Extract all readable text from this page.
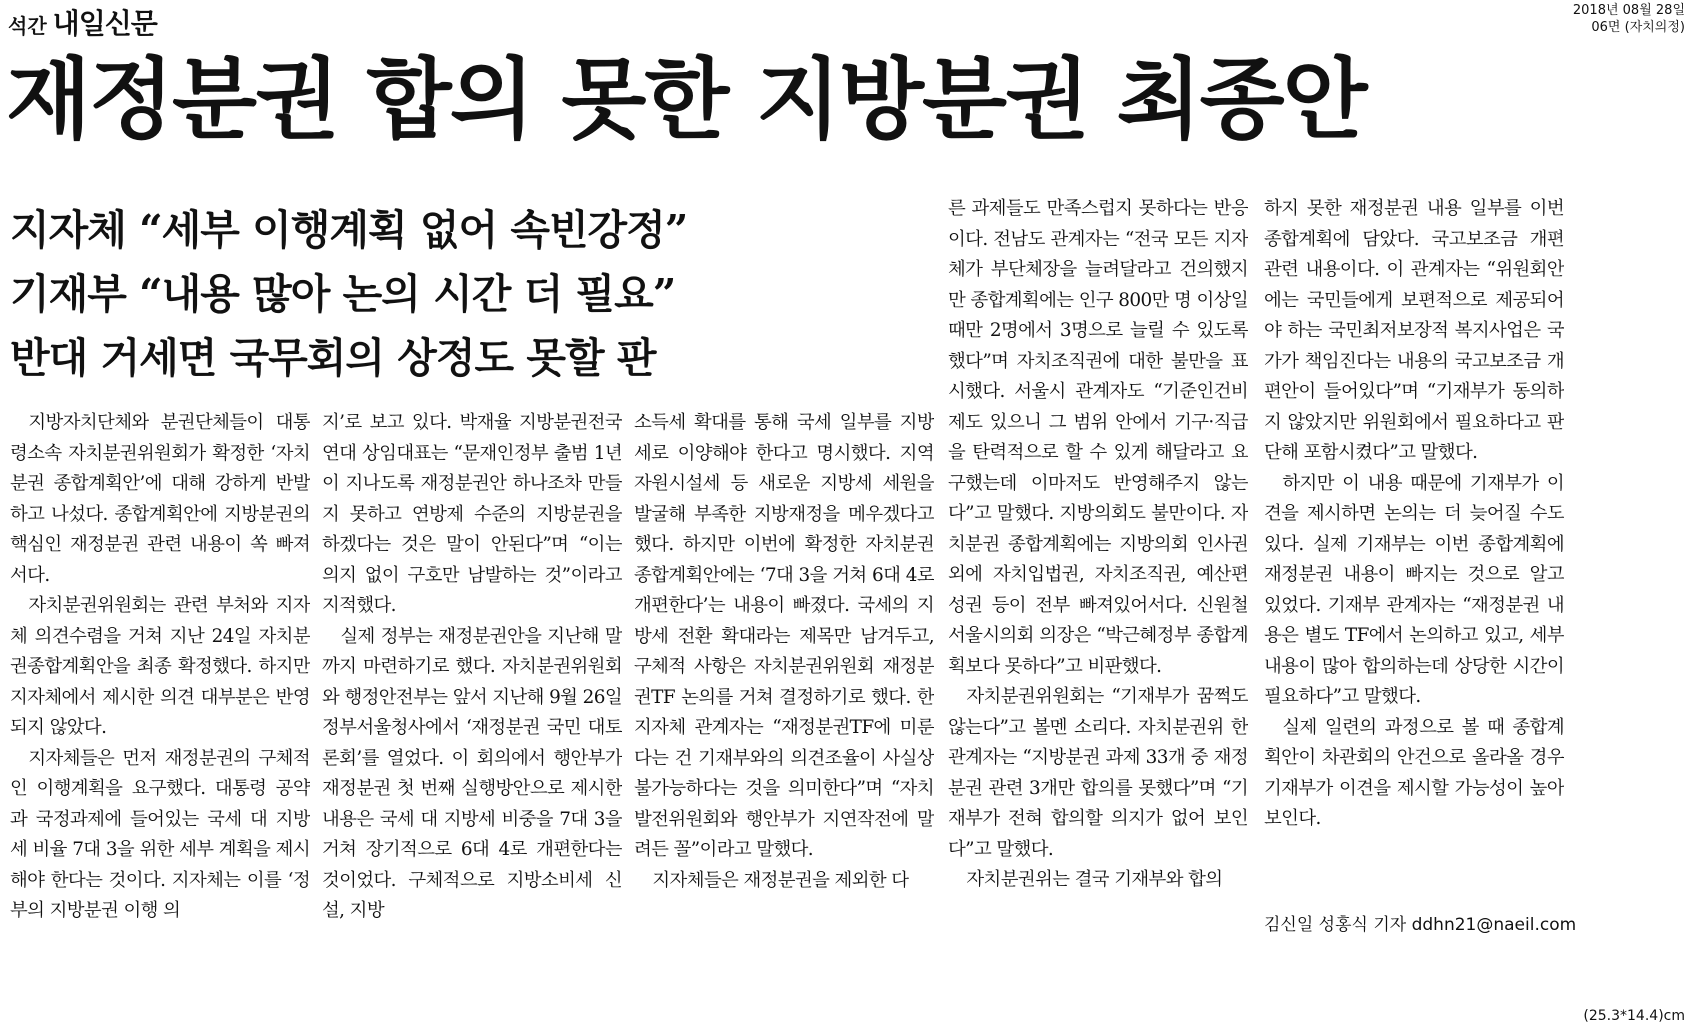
석간 내일신문	2018년 08월 28일
06면 (자치의정)
재정분권 합의 못한 지방분권 최종안
지자체 “세부 이행계획 없어 속빈강정”
기재부 “내용 많아 논의 시간 더 필요”
반대 거세면 국무회의 상정도 못할 판

지방자치단체와 분권단체들이 대통령소속 자치분권위원회가 확정한 ‘자치분권 종합계획안’에 대해 강하게 반발하고 나섰다. 종합계획안에 지방분권의 핵심인 재정분권 관련 내용이 쏙 빠져서다.

자치분권위원회는 관련 부처와 지자체 의견수렴을 거쳐 지난 24일 자치분권종합계획안을 최종 확정했다. 하지만 지자체에서 제시한 의견 대부분은 반영되지 않았다.

지자체들은 먼저 재정분권의 구체적인 이행계획을 요구했다. 대통령 공약과 국정과제에 들어있는 국세 대 지방세 비율 7대 3을 위한 세부 계획을 제시해야 한다는 것이다. 지자체는 이를 ‘정부의 지방분권 이행 의

지’로 보고 있다. 박재율 지방분권전국연대 상임대표는 “문재인정부 출범 1년이 지나도록 재정분권안 하나조차 만들지 못하고 연방제 수준의 지방분권을 하겠다는 것은 말이 안된다”며 “이는 의지 없이 구호만 남발하는 것”이라고 지적했다.

실제 정부는 재정분권안을 지난해 말까지 마련하기로 했다. 자치분권위원회와 행정안전부는 앞서 지난해 9월 26일 정부서울청사에서 ‘재정분권 국민 대토론회’를 열었다. 이 회의에서 행안부가 재정분권 첫 번째 실행방안으로 제시한 내용은 국세 대 지방세 비중을 7대 3을 거쳐 장기적으로 6대 4로 개편한다는 것이었다. 구체적으로 지방소비세 신설, 지방

소득세 확대를 통해 국세 일부를 지방세로 이양해야 한다고 명시했다. 지역자원시설세 등 새로운 지방세 세원을 발굴해 부족한 지방재정을 메우겠다고 했다. 하지만 이번에 확정한 자치분권종합계획안에는 ‘7대 3을 거쳐 6대 4로 개편한다’는 내용이 빠졌다. 국세의 지방세 전환 확대라는 제목만 남겨두고, 구체적 사항은 자치분권위원회 재정분권TF 논의를 거쳐 결정하기로 했다. 한 지자체 관계자는 “재정분권TF에 미룬다는 건 기재부와의 의견조율이 사실상 불가능하다는 것을 의미한다”며 “자치발전위원회와 행안부가 지연작전에 말려든 꼴”이라고 말했다.

지자체들은 재정분권을 제외한 다

른 과제들도 만족스럽지 못하다는 반응이다. 전남도 관계자는 “전국 모든 지자체가 부단체장을 늘려달라고 건의했지만 종합계획에는 인구 800만 명 이상일 때만 2명에서 3명으로 늘릴 수 있도록 했다”며 자치조직권에 대한 불만을 표시했다. 서울시 관계자도 “기준인건비제도 있으니 그 범위 안에서 기구·직급을 탄력적으로 할 수 있게 해달라고 요구했는데 이마저도 반영해주지 않는다”고 말했다. 지방의회도 불만이다. 자치분권 종합계획에는 지방의회 인사권 외에 자치입법권, 자치조직권, 예산편성권 등이 전부 빠져있어서다. 신원철 서울시의회 의장은 “박근혜정부 종합계획보다 못하다”고 비판했다.

자치분권위원회는 “기재부가 꿈쩍도 않는다”고 볼멘 소리다. 자치분권위 한 관계자는 “지방분권 과제 33개 중 재정분권 관련 3개만 합의를 못했다”며 “기재부가 전혀 합의할 의지가 없어 보인다”고 말했다.

자치분권위는 결국 기재부와 합의

하지 못한 재정분권 내용 일부를 이번 종합계획에 담았다. 국고보조금 개편 관련 내용이다. 이 관계자는 “위원회안에는 국민들에게 보편적으로 제공되어야 하는 국민최저보장적 복지사업은 국가가 책임진다는 내용의 국고보조금 개편안이 들어있다”며 “기재부가 동의하지 않았지만 위원회에서 필요하다고 판단해 포함시켰다”고 말했다.

하지만 이 내용 때문에 기재부가 이견을 제시하면 논의는 더 늦어질 수도 있다. 실제 기재부는 이번 종합계획에 재정분권 내용이 빠지는 것으로 알고 있었다. 기재부 관계자는 “재정분권 내용은 별도 TF에서 논의하고 있고, 세부 내용이 많아 합의하는데 상당한 시간이 필요하다”고 말했다.

실제 일련의 과정으로 볼 때 종합계획안이 차관회의 안건으로 올라올 경우 기재부가 이견을 제시할 가능성이 높아 보인다.

김신일 성홍식 기자 ddhn21@naeil.com
(25.3*14.4)cm
